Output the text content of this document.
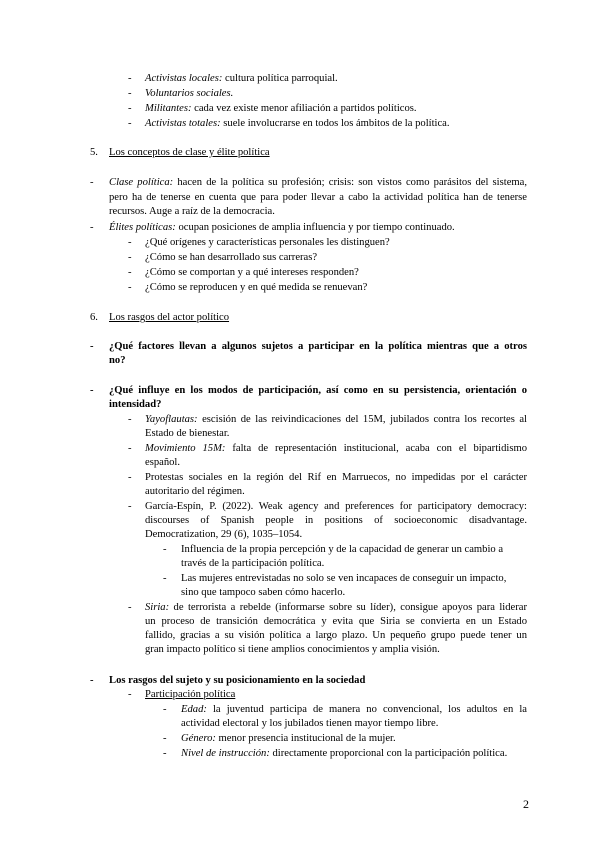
- Activistas locales: cultura política parroquial.
- Voluntarios sociales.
- Militantes: cada vez existe menor afiliación a partidos políticos.
- Activistas totales: suele involucrarse en todos los ámbitos de la política.
5. Los conceptos de clase y élite política
- Clase política: hacen de la política su profesión; crisis: son vistos como parásitos del sistema,
pero ha de tenerse en cuenta que para poder llevar a cabo la actividad política han de tenerse
recursos. Auge a raíz de la democracia.
- Élites políticas: ocupan posiciones de amplia influencia y por tiempo continuado.
- ¿Qué orígenes y características personales les distinguen?
- ¿Cómo se han desarrollado sus carreras?
- ¿Cómo se comportan y a qué intereses responden?
- ¿Cómo se reproducen y en qué medida se renuevan?
6. Los rasgos del actor político
- ¿Qué factores llevan a algunos sujetos a participar en la política mientras que a otros
no?
- ¿Qué influye en los modos de participación, así como en su persistencia, orientación o
intensidad?
- Yayoflautas: escisión de las reivindicaciones del 15M, jubilados contra los recortes al
Estado de bienestar.
- Movimiento 15M: falta de representación institucional, acaba con el bipartidismo
español.
- Protestas sociales en la región del Rif en Marruecos, no impedidas por el carácter
autoritario del régimen.
- García-Espín, P. (2022). Weak agency and preferences for participatory democracy:
discourses of Spanish people in positions of socioeconomic disadvantage.
Democratization, 29 (6), 1035–1054.
- Influencia de la propia percepción y de la capacidad de generar un cambio a
través de la participación política.
- Las mujeres entrevistadas no solo se ven incapaces de conseguir un impacto,
sino que tampoco saben cómo hacerlo.
- Siria: de terrorista a rebelde (informarse sobre su líder), consigue apoyos para liderar
un proceso de transición democrática y evita que Siria se convierta en un Estado
fallido, gracias a su visión política a largo plazo. Un pequeño grupo puede tener un
gran impacto político si tiene amplios conocimientos y amplia visión.
- Los rasgos del sujeto y su posicionamiento en la sociedad
- Participación política
- Edad: la juventud participa de manera no convencional, los adultos en la
actividad electoral y los jubilados tienen mayor tiempo libre.
- Género: menor presencia institucional de la mujer.
- Nivel de instrucción: directamente proporcional con la participación política.
2
